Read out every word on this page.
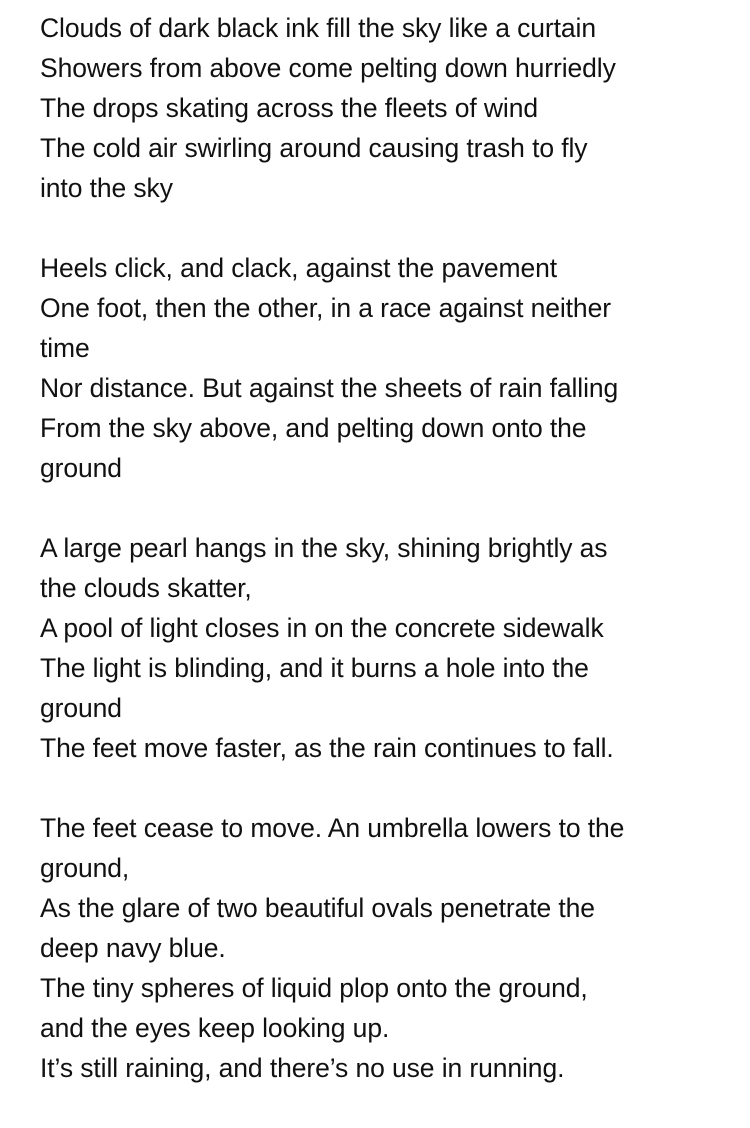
Clouds of dark black ink fill the sky like a curtain
Showers from above come pelting down hurriedly
The drops skating across the fleets of wind
The cold air swirling around causing trash to fly
into the sky
Heels click, and clack, against the pavement
One foot, then the other, in a race against neither
time
Nor distance. But against the sheets of rain falling
From the sky above, and pelting down onto the
ground
A large pearl hangs in the sky, shining brightly as
the clouds skatter,
A pool of light closes in on the concrete sidewalk
The light is blinding, and it burns a hole into the
ground
The feet move faster, as the rain continues to fall.
The feet cease to move. An umbrella lowers to the
ground,
As the glare of two beautiful ovals penetrate the
deep navy blue.
The tiny spheres of liquid plop onto the ground,
and the eyes keep looking up.
It’s still raining, and there’s no use in running.
